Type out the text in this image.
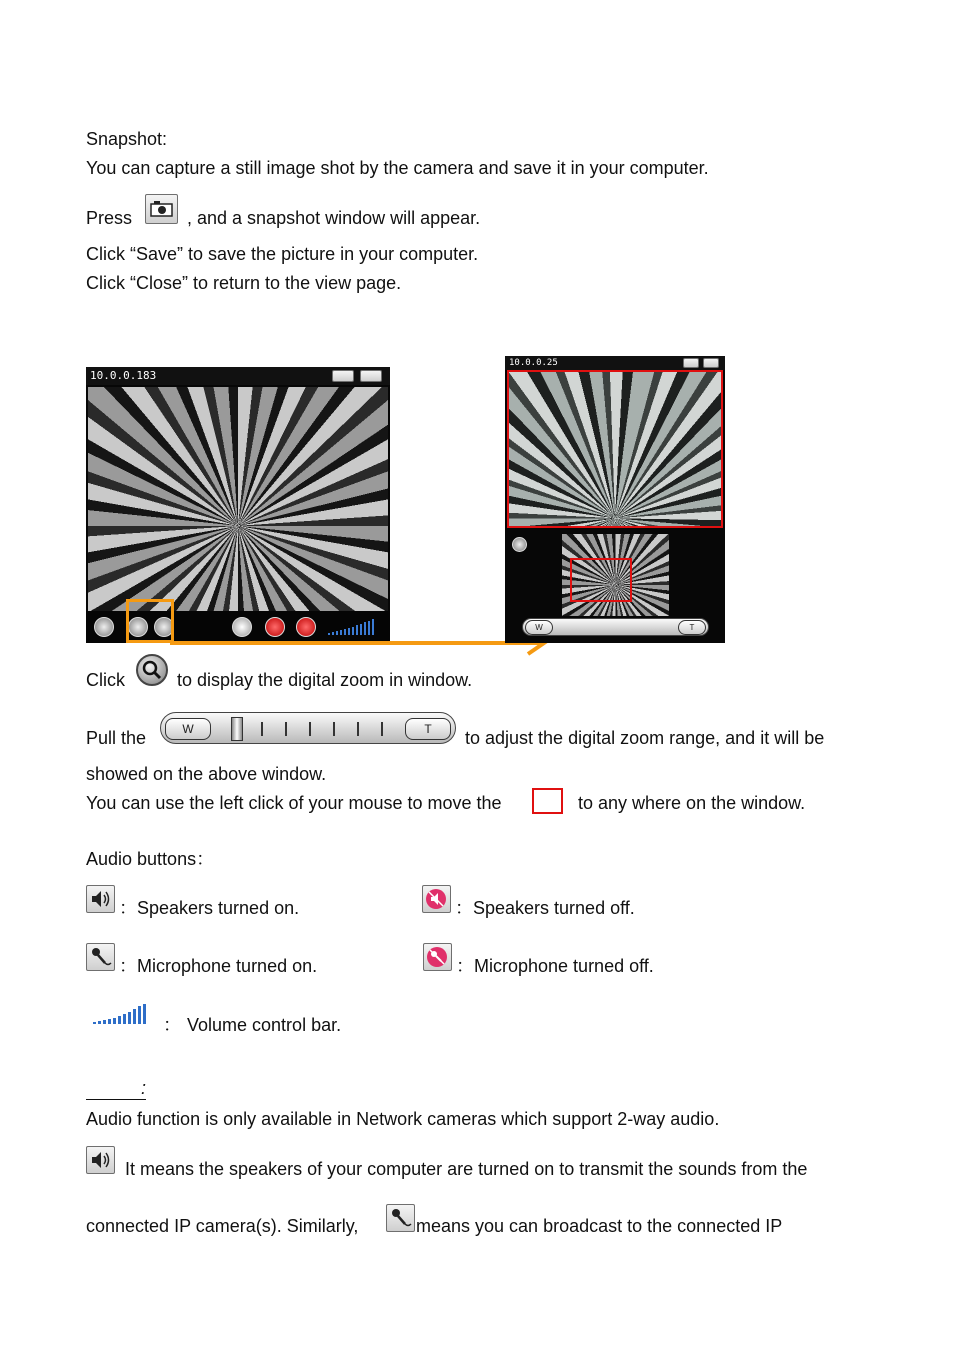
Snapshot:
You can capture a still image shot by the camera and save it in your computer.
Press	, and a snapshot window will appear.
Click “Save” to save the picture in your computer.
Click “Close” to return to the view page.
10.0.0.183
10.0.0.25
W	T
Click	to display the digital zoom in window.
Pull the	W	T	to adjust the digital zoom range, and it will be
showed on the above window.
You can use the left click of your mouse to move the	to any where on the window.
Audio buttons：
：Speakers turned on.	：Speakers turned off.
：Microphone turned on.	：Microphone turned off.
： Volume control bar.
:
Audio function is only available in Network cameras which support 2-way audio.
It means the speakers of your computer are turned on to transmit the sounds from the
connected IP camera(s). Similarly,	means you can broadcast to the connected IP
